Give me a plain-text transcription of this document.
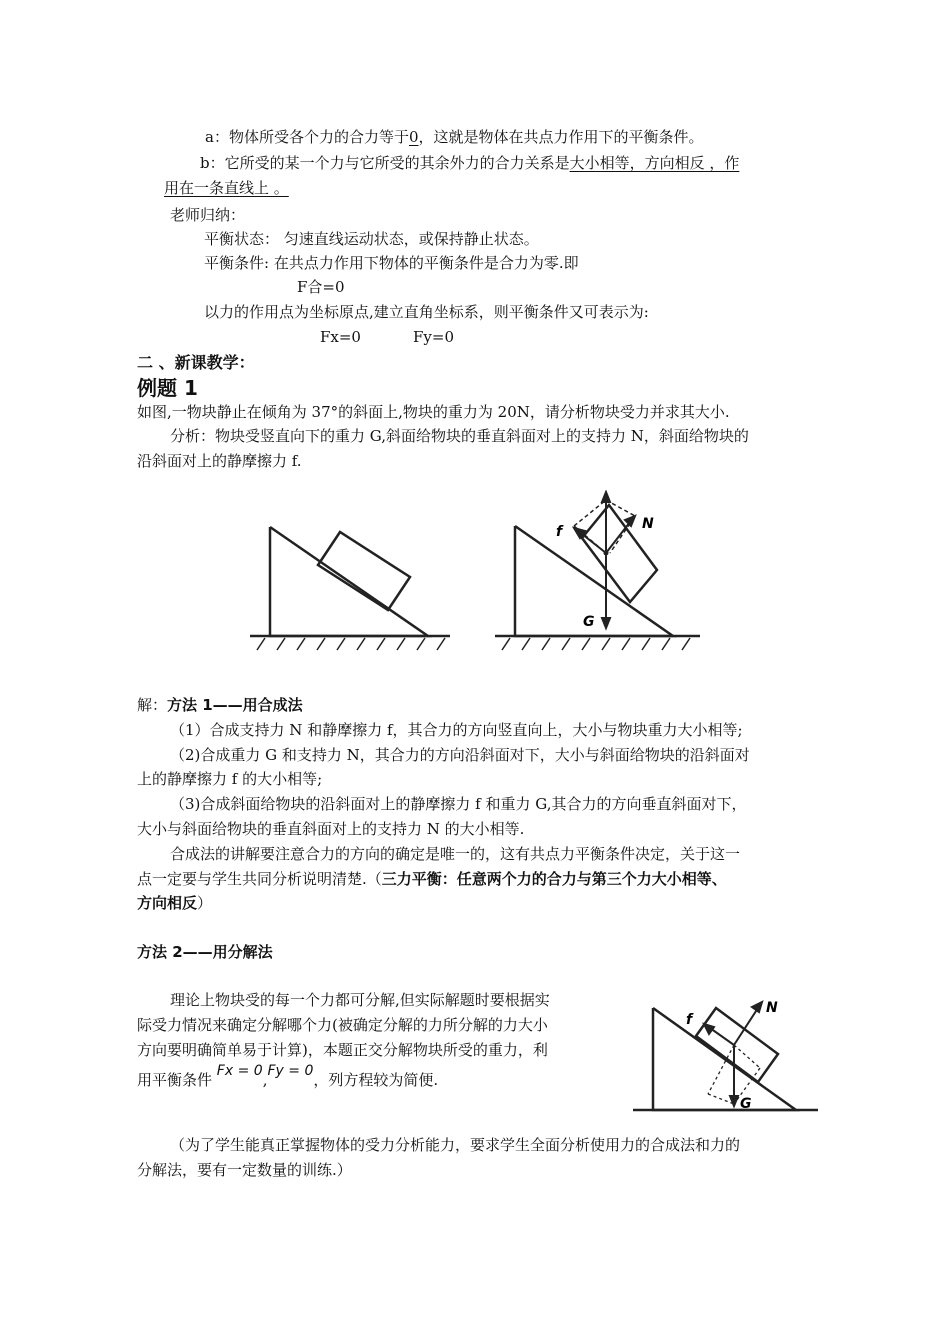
a：物体所受各个力的合力等于0，这就是物体在共点力作用下的平衡条件。
b：它所受的某一个力与它所受的其余外力的合力关系是大小相等，方向相反 ，作
用在一条直线上 。
老师归纳：
平衡状态： 匀速直线运动状态，或保持静止状态。
平衡条件: 在共点力作用下物体的平衡条件是合力为零.即
F合=0
以力的作用点为坐标原点,建立直角坐标系，则平衡条件又可表示为:
Fx=0	Fy=0
二 、新课教学：
例题 1
如图,一物块静止在倾角为 37°的斜面上,物块的重力为 20N，请分析物块受力并求其大小.
分析：物块受竖直向下的重力 G,斜面给物块的垂直斜面对上的支持力 N，斜面给物块的
沿斜面对上的静摩擦力 f.
f	N
G
解：方法 1——用合成法
（1）合成支持力 N 和静摩擦力 f，其合力的方向竖直向上，大小与物块重力大小相等;
（2)合成重力 G 和支持力 N，其合力的方向沿斜面对下，大小与斜面给物块的沿斜面对
上的静摩擦力 f 的大小相等;
（3)合成斜面给物块的沿斜面对上的静摩擦力 f 和重力 G,其合力的方向垂直斜面对下，
大小与斜面给物块的垂直斜面对上的支持力 N 的大小相等.
合成法的讲解要注意合力的方向的确定是唯一的，这有共点力平衡条件决定，关于这一
点一定要与学生共同分析说明清楚.（三力平衡：任意两个力的合力与第三个力大小相等、
方向相反）
方法 2——用分解法
理论上物块受的每一个力都可分解,但实际解题时要根据实
际受力情况来确定分解哪个力(被确定分解的力所分解的力大小
方向要明确简单易于计算)，本题正交分解物块所受的重力，利
用平衡条件 Fx = 0,Fy = 0，列方程较为简便.
f
N
G
（为了学生能真正掌握物体的受力分析能力，要求学生全面分析使用力的合成法和力的
分解法，要有一定数量的训练.）
